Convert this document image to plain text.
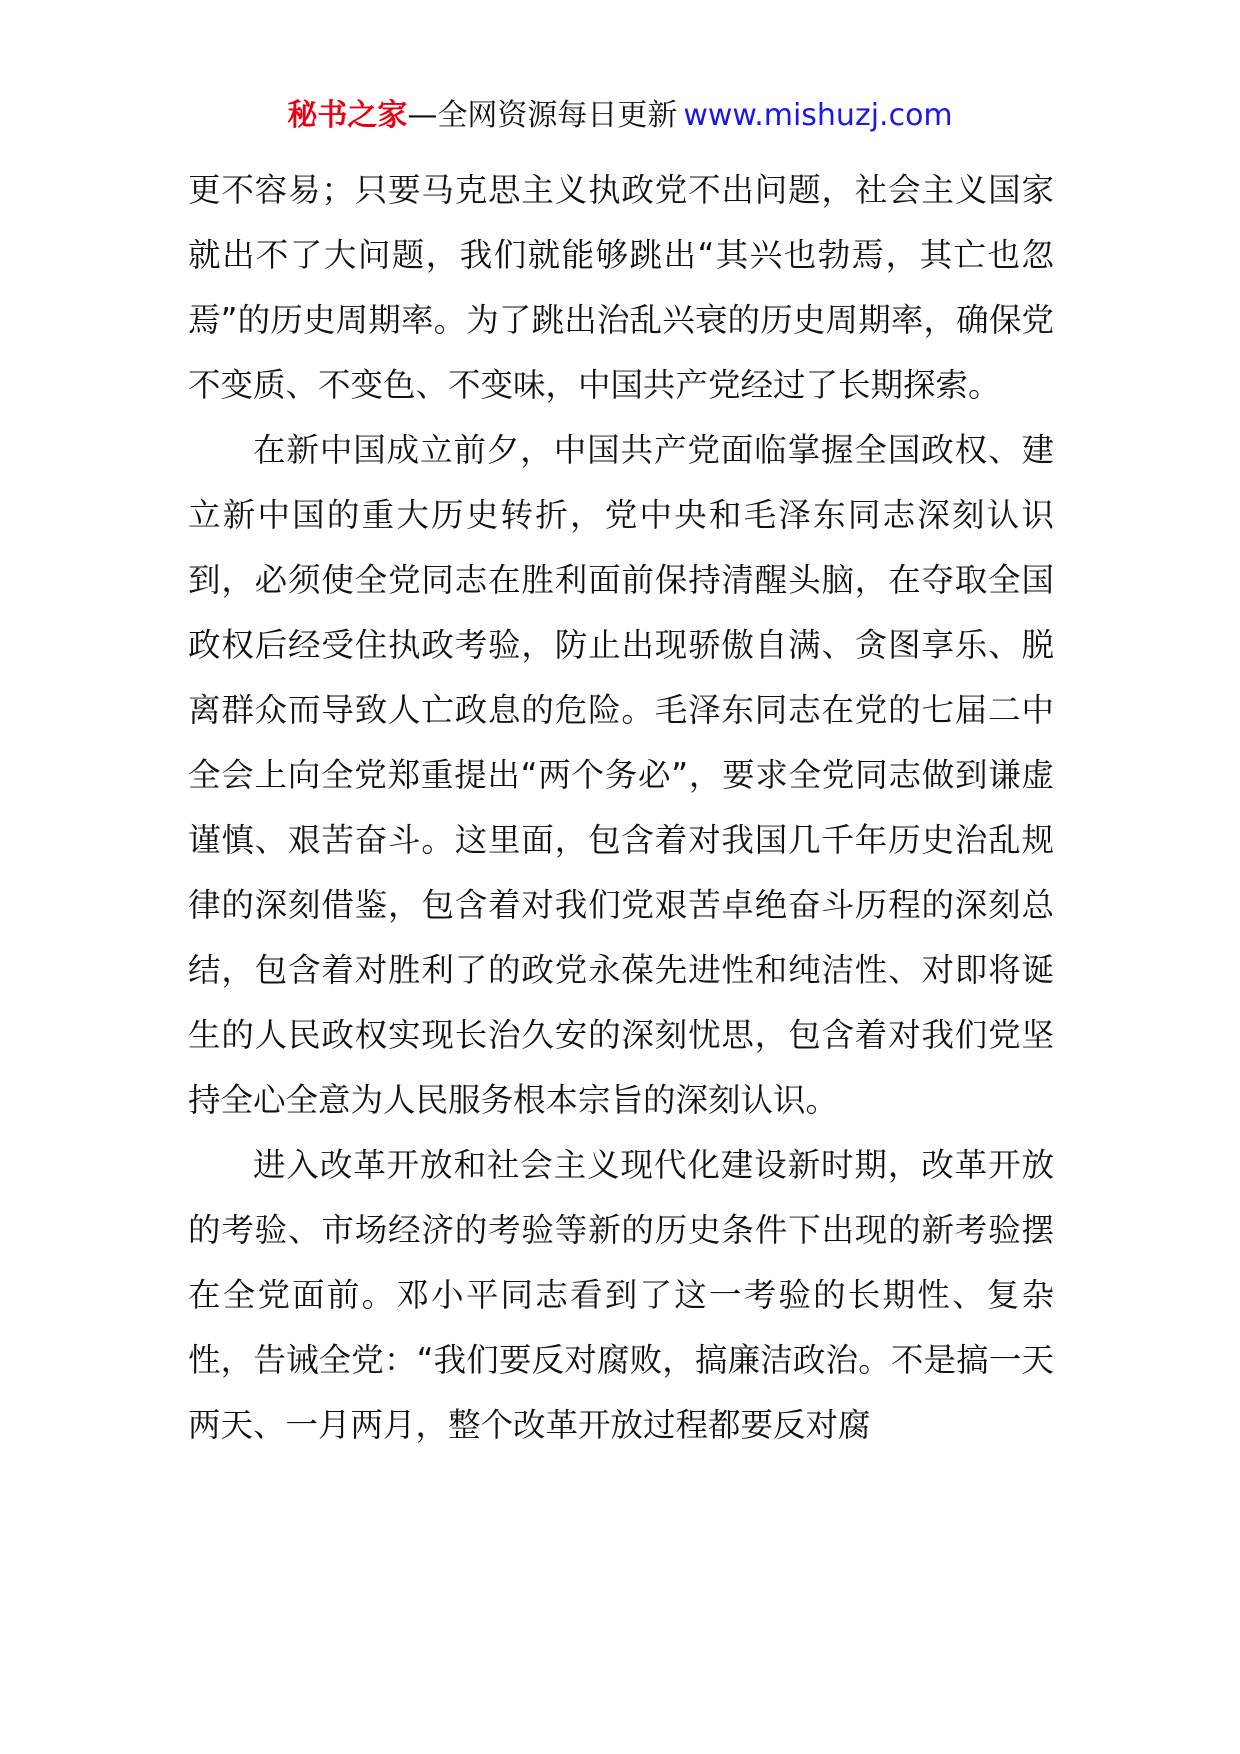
秘书之家—全网资源每日更新 www.mishuzj.com

更不容易；只要马克思主义执政党不出问题，社会主义国家就出不了大问题，我们就能够跳出“其兴也勃焉，其亡也忽焉”的历史周期率。为了跳出治乱兴衰的历史周期率，确保党不变质、不变色、不变味，中国共产党经过了长期探索。

在新中国成立前夕，中国共产党面临掌握全国政权、建立新中国的重大历史转折，党中央和毛泽东同志深刻认识到，必须使全党同志在胜利面前保持清醒头脑，在夺取全国政权后经受住执政考验，防止出现骄傲自满、贪图享乐、脱离群众而导致人亡政息的危险。毛泽东同志在党的七届二中全会上向全党郑重提出“两个务必”，要求全党同志做到谦虚谨慎、艰苦奋斗。这里面，包含着对我国几千年历史治乱规律的深刻借鉴，包含着对我们党艰苦卓绝奋斗历程的深刻总结，包含着对胜利了的政党永葆先进性和纯洁性、对即将诞生的人民政权实现长治久安的深刻忧思，包含着对我们党坚持全心全意为人民服务根本宗旨的深刻认识。

进入改革开放和社会主义现代化建设新时期，改革开放的考验、市场经济的考验等新的历史条件下出现的新考验摆在全党面前。邓小平同志看到了这一考验的长期性、复杂性，告诫全党：“我们要反对腐败，搞廉洁政治。不是搞一天两天、一月两月，整个改革开放过程都要反对腐
